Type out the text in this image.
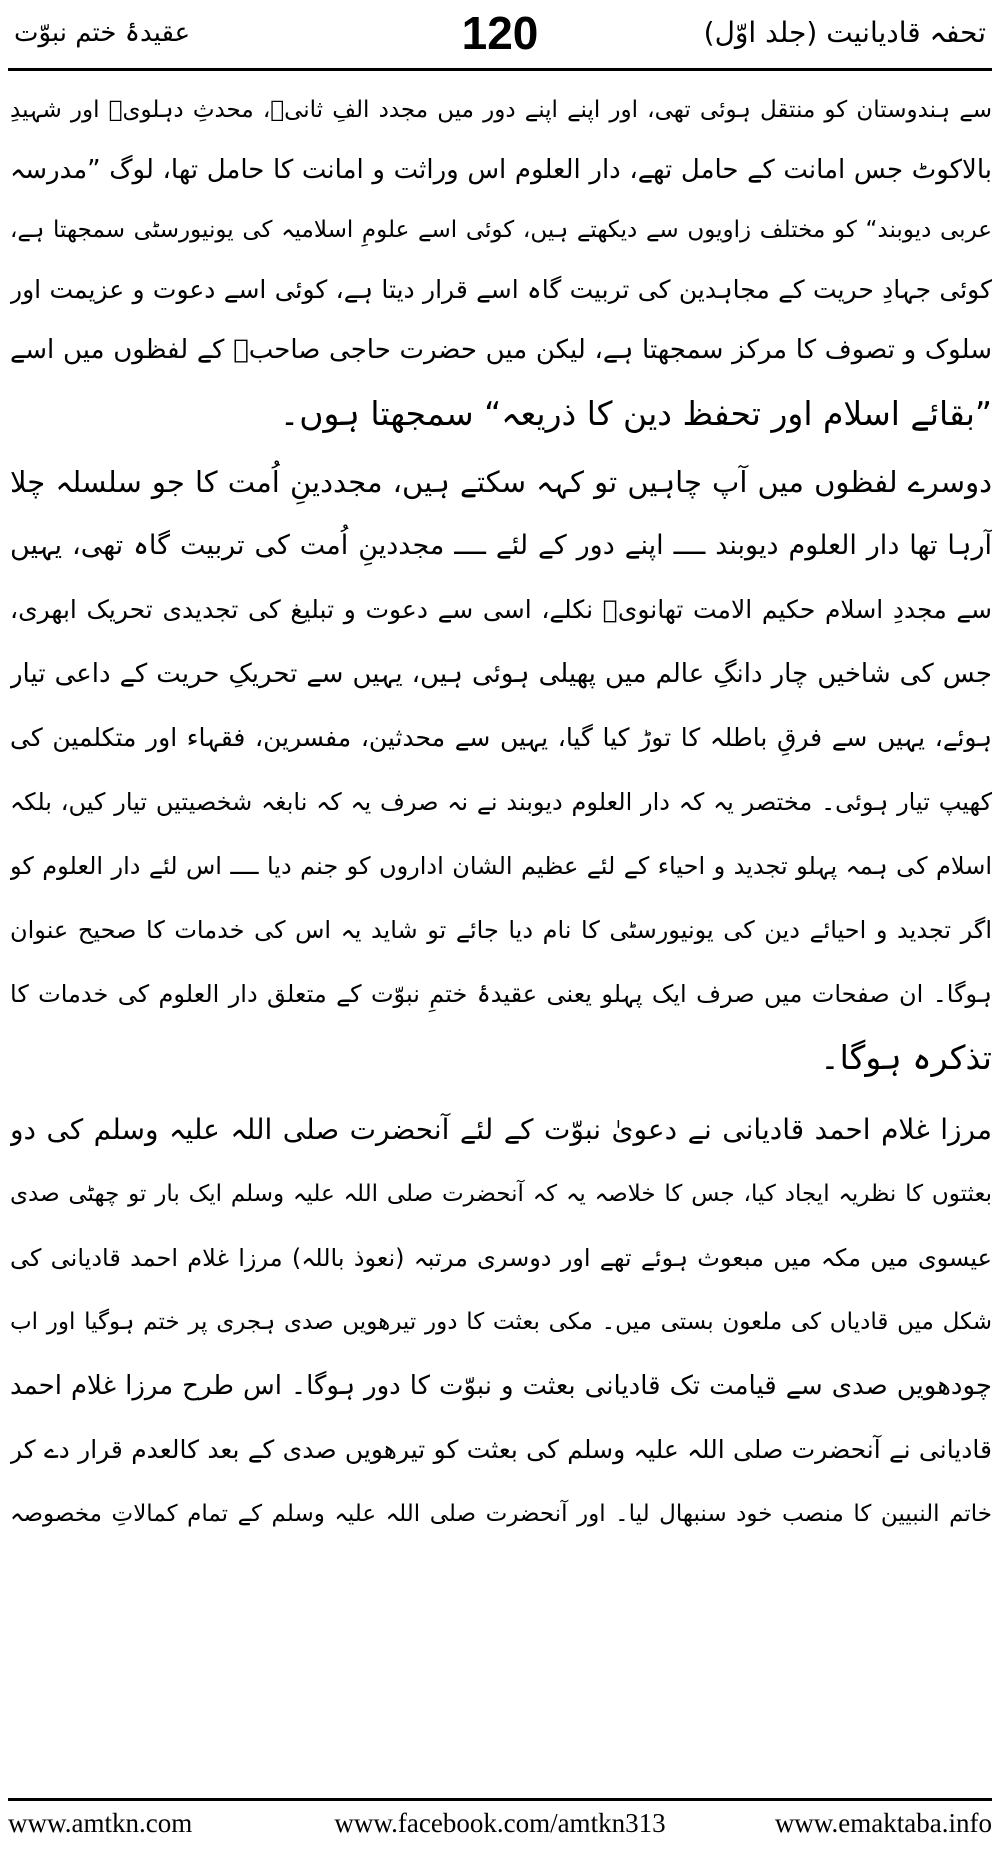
تحفہ قادیانیت (جلد اوّل)
120
عقیدۂ ختم نبوّت
سے ہندوستان کو منتقل ہوئی تھی، اور اپنے اپنے دور میں مجدد الفِ ثانیؒ، محدثِ دہلویؒ اور شہیدِ
بالاکوٹ جس امانت کے حامل تھے، دار العلوم اس وراثت و امانت کا حامل تھا، لوگ ”مدرسہ
عربی دیوبند“ کو مختلف زاویوں سے دیکھتے ہیں، کوئی اسے علومِ اسلامیہ کی یونیورسٹی سمجھتا ہے،
کوئی جہادِ حریت کے مجاہدین کی تربیت گاہ اسے قرار دیتا ہے، کوئی اسے دعوت و عزیمت اور
سلوک و تصوف کا مرکز سمجھتا ہے، لیکن میں حضرت حاجی صاحبؒ کے لفظوں میں اسے
”بقائے اسلام اور تحفظ دین کا ذریعہ“ سمجھتا ہوں۔
دوسرے لفظوں میں آپ چاہیں تو کہہ سکتے ہیں، مجددینِ اُمت کا جو سلسلہ چلا
آرہا تھا دار العلوم دیوبند ــــ اپنے دور کے لئے ــــ مجددینِ اُمت کی تربیت گاہ تھی، یہیں
سے مجددِ اسلام حکیم الامت تھانویؒ نکلے، اسی سے دعوت و تبلیغ کی تجدیدی تحریک ابھری،
جس کی شاخیں چار دانگِ عالم میں پھیلی ہوئی ہیں، یہیں سے تحریکِ حریت کے داعی تیار
ہوئے، یہیں سے فرقِ باطلہ کا توڑ کیا گیا، یہیں سے محدثین، مفسرین، فقہاء اور متکلمین کی
کھیپ تیار ہوئی۔ مختصر یہ کہ دار العلوم دیوبند نے نہ صرف یہ کہ نابغہ شخصیتیں تیار کیں، بلکہ
اسلام کی ہمہ پہلو تجدید و احیاء کے لئے عظیم الشان اداروں کو جنم دیا ــــ اس لئے دار العلوم کو
اگر تجدید و احیائے دین کی یونیورسٹی کا نام دیا جائے تو شاید یہ اس کی خدمات کا صحیح عنوان
ہوگا۔ ان صفحات میں صرف ایک پہلو یعنی عقیدۂ ختمِ نبوّت کے متعلق دار العلوم کی خدمات کا
تذکرہ ہوگا۔
مرزا غلام احمد قادیانی نے دعویٰ نبوّت کے لئے آنحضرت صلی اللہ علیہ وسلم کی دو
بعثتوں کا نظریہ ایجاد کیا، جس کا خلاصہ یہ کہ آنحضرت صلی اللہ علیہ وسلم ایک بار تو چھٹی صدی
عیسوی میں مکہ میں مبعوث ہوئے تھے اور دوسری مرتبہ (نعوذ باللہ) مرزا غلام احمد قادیانی کی
شکل میں قادیاں کی ملعون بستی میں۔ مکی بعثت کا دور تیرھویں صدی ہجری پر ختم ہوگیا اور اب
چودھویں صدی سے قیامت تک قادیانی بعثت و نبوّت کا دور ہوگا۔ اس طرح مرزا غلام احمد
قادیانی نے آنحضرت صلی اللہ علیہ وسلم کی بعثت کو تیرھویں صدی کے بعد کالعدم قرار دے کر
خاتم النبیین کا منصب خود سنبھال لیا۔ اور آنحضرت صلی اللہ علیہ وسلم کے تمام کمالاتِ مخصوصہ
www.amtkn.com	www.facebook.com/amtkn313	www.emaktaba.info
